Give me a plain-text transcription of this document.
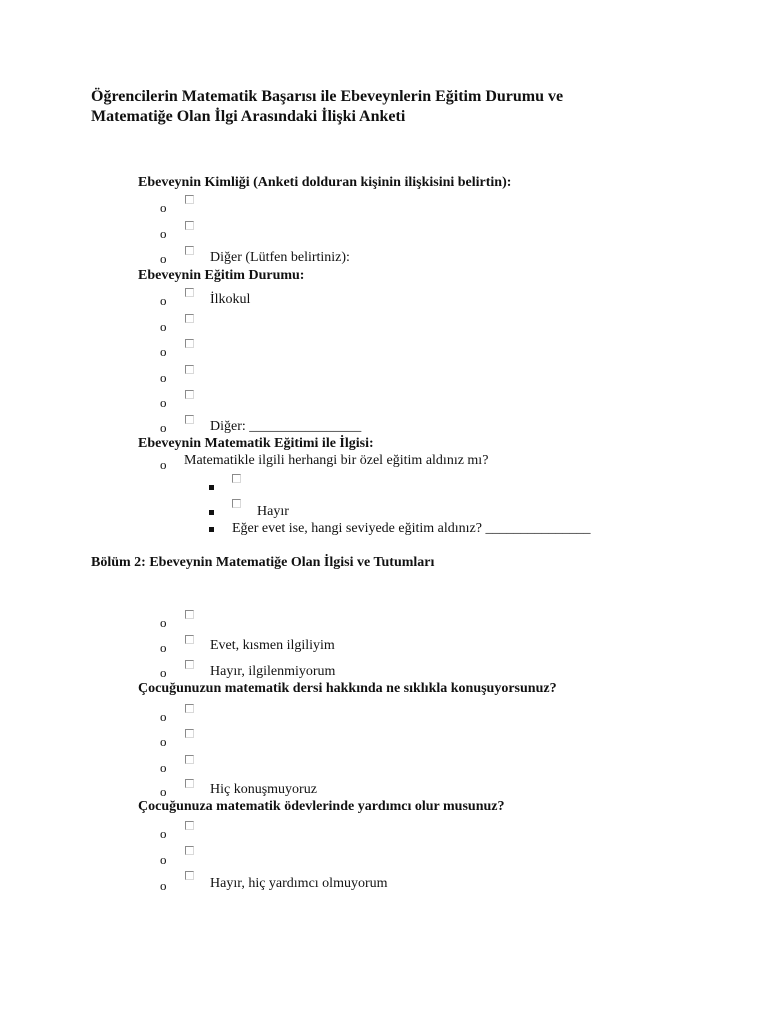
Öğrencilerin Matematik Başarısı ile Ebeveynlerin Eğitim Durumu ve
Matematiğe Olan İlgi Arasındaki İlişki Anketi
Ebeveynin Kimliği (Anketi dolduran kişinin ilişkisini belirtin):
o
o
o	Diğer (Lütfen belirtiniz):
Ebeveynin Eğitim Durumu:
o	İlkokul
o
o
o
o
o	Diğer: ________________
Ebeveynin Matematik Eğitimi ile İlgisi:
o Matematikle ilgili herhangi bir özel eğitim aldınız mı?
Hayır
Eğer evet ise, hangi seviyede eğitim aldınız? _______________
Bölüm 2: Ebeveynin Matematiğe Olan İlgisi ve Tutumları
o
o	Evet, kısmen ilgiliyim
o	Hayır, ilgilenmiyorum
Çocuğunuzun matematik dersi hakkında ne sıklıkla konuşuyorsunuz?
o
o
o
o	Hiç konuşmuyoruz
Çocuğunuza matematik ödevlerinde yardımcı olur musunuz?
o
o
o	Hayır, hiç yardımcı olmuyorum
